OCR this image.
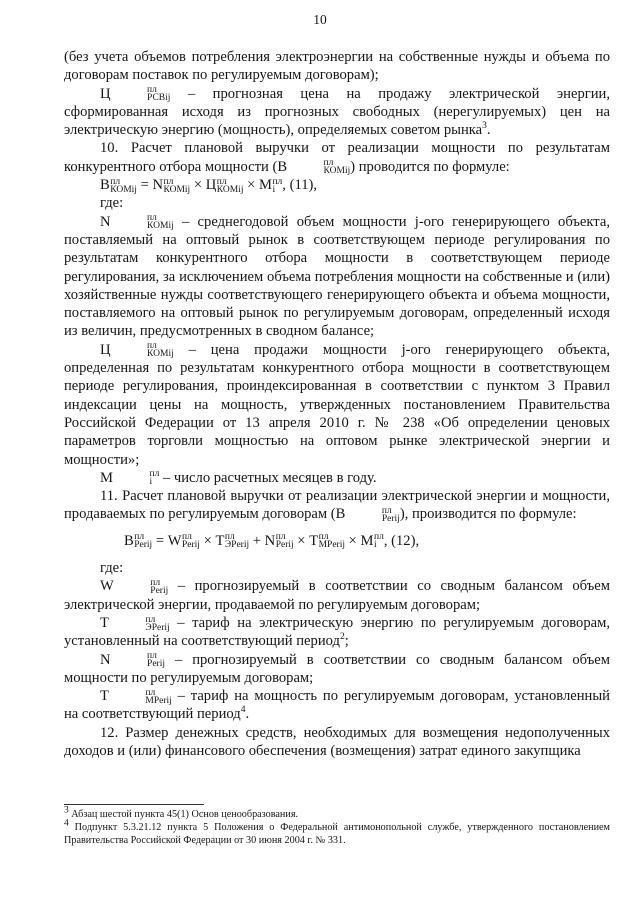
10

(без учета объемов потребления электроэнергии на собственные нужды и объема по договорам поставок по регулируемым договорам);

Ц	пл
РСВij – прогнозная цена на продажу электрической энергии, сформированная исходя из прогнозных свободных (нерегулируемых) цен на электрическую энергию (мощность), определяемых советом рынка$^3$.

10. Расчет плановой выручки от реализации мощности по результатам конкурентного отбора мощности (В	пл
КОМij ) проводится по формуле:

В пл
КОМij = N пл
КОМij × Ц пл
КОМij × М пл
i , (11),

где:

N	пл
КОМij – среднегодовой объем мощности j-ого генерирующего объекта, поставляемый на оптовый рынок в соответствующем периоде регулирования по результатам конкурентного отбора мощности в соответствующем периоде регулирования, за исключением объема потребления мощности на собственные и (или) хозяйственные нужды соответствующего генерирующего объекта и объема мощности, поставляемого на оптовый рынок по регулируемым договорам, определенный исходя из величин, предусмотренных в сводном балансе;

Ц	пл
КОМij – цена продажи мощности j-ого генерирующего объекта, определенная по результатам конкурентного отбора мощности в соответствующем периоде регулирования, проиндексированная в соответствии с пунктом 3 Правил индексации цены на мощность, утвержденных постановлением Правительства Российской Федерации от 13 апреля 2010 г. № 238 «Об определении ценовых параметров торговли мощностью на оптовом рынке электрической энергии и мощности»;

М	пл
i – число расчетных месяцев в году.

11. Расчет плановой выручки от реализации электрической энергии и мощности, продаваемых по регулируемым договорам (В	пл
Perij ), производится по формуле:

В пл
Perij = W пл
Perij × Т пл
ЭPerij + N пл
Perij × Т пл
МPerij × М пл
i , (12),

где:

W	пл
Perij – прогнозируемый в соответствии со сводным балансом объем электрической энергии, продаваемой по регулируемым договорам;

Т	пл
ЭPerij – тариф на электрическую энергию по регулируемым договорам, установленный на соответствующий период$^2$;

N	пл
Perij – прогнозируемый в соответствии со сводным балансом объем мощности по регулируемым договорам;

Т	пл
МPerij – тариф на мощность по регулируемым договорам, установленный на соответствующий период$^4$.

12. Размер денежных средств, необходимых для возмещения недополученных доходов и (или) финансового обеспечения (возмещения) затрат единого закупщика

$^3$ Абзац шестой пункта 45(1) Основ ценообразования.

$^4$ Подпункт 5.3.21.12 пункта 5 Положения о Федеральной антимонопольной службе, утвержденного постановлением Правительства Российской Федерации от 30 июня 2004 г. № 331.
